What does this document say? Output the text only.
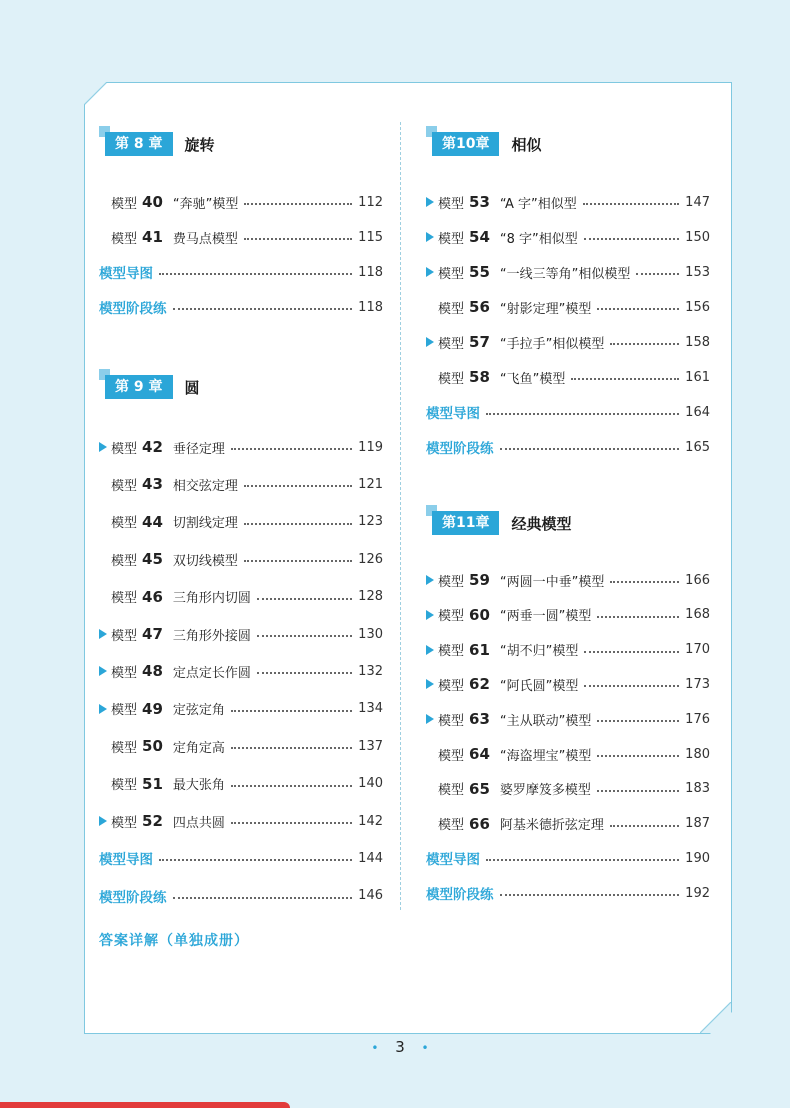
第 8 章	旋转
模型 40 “奔驰”模型	112
模型 41 费马点模型	115
模型导图	118
模型阶段练	118
第 9 章	圆
模型 42 垂径定理	119
模型 43 相交弦定理	121
模型 44 切割线定理	123
模型 45 双切线模型	126
模型 46 三角形内切圆	128
模型 47 三角形外接圆	130
模型 48 定点定长作圆	132
模型 49 定弦定角	134
模型 50 定角定高	137
模型 51 最大张角	140
模型 52 四点共圆	142
模型导图	144
模型阶段练	146
第10章	相似
模型 53 “A 字”相似型	147
模型 54 “8 字”相似型	150
模型 55 “一线三等角”相似模型	153
模型 56 “射影定理”模型	156
模型 57 “手拉手”相似模型	158
模型 58 “飞鱼”模型	161
模型导图	164
模型阶段练	165
第11章	经典模型
模型 59 “两圆一中垂”模型	166
模型 60 “两垂一圆”模型	168
模型 61 “胡不归”模型	170
模型 62 “阿氏圆”模型	173
模型 63 “主从联动”模型	176
模型 64 “海盗埋宝”模型	180
模型 65 婆罗摩笈多模型	183
模型 66 阿基米德折弦定理	187
模型导图	190
模型阶段练	192
答案详解（单独成册）
• 3 •
